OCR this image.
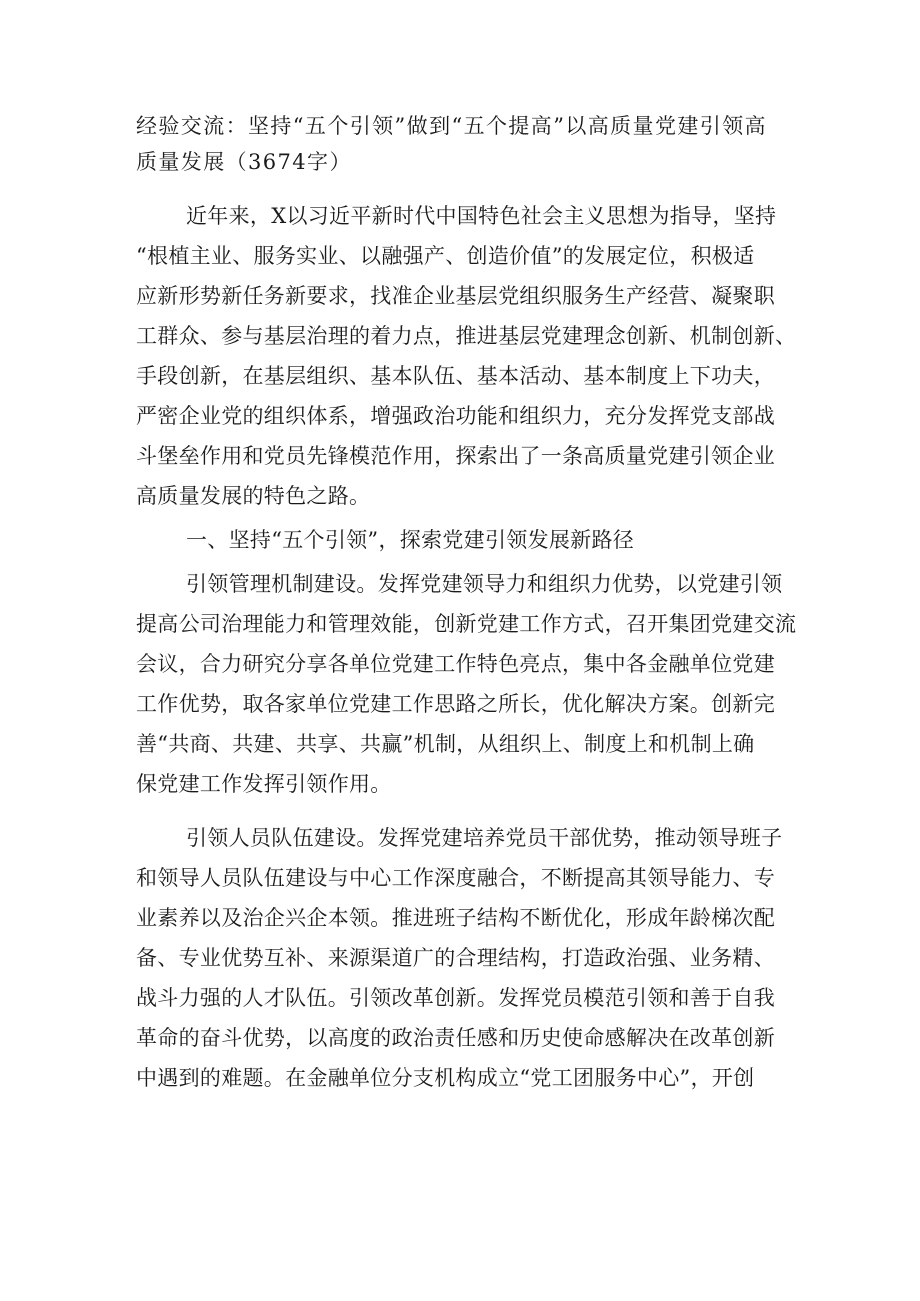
经验交流：坚持“五个引领”做到“五个提高”以高质量党建引领高
质量发展（3674字）
近年来，X以习近平新时代中国特色社会主义思想为指导，坚持
“根植主业、服务实业、以融强产、创造价值”的发展定位，积极适
应新形势新任务新要求，找准企业基层党组织服务生产经营、凝聚职
工群众、参与基层治理的着力点，推进基层党建理念创新、机制创新、
手段创新，在基层组织、基本队伍、基本活动、基本制度上下功夫，
严密企业党的组织体系，增强政治功能和组织力，充分发挥党支部战
斗堡垒作用和党员先锋模范作用，探索出了一条高质量党建引领企业
高质量发展的特色之路。
一、坚持“五个引领”，探索党建引领发展新路径
引领管理机制建设。发挥党建领导力和组织力优势，以党建引领
提高公司治理能力和管理效能，创新党建工作方式，召开集团党建交流
会议，合力研究分享各单位党建工作特色亮点，集中各金融单位党建
工作优势，取各家单位党建工作思路之所长，优化解决方案。创新完
善“共商、共建、共享、共赢”机制，从组织上、制度上和机制上确
保党建工作发挥引领作用。
引领人员队伍建设。发挥党建培养党员干部优势，推动领导班子
和领导人员队伍建设与中心工作深度融合，不断提高其领导能力、专
业素养以及治企兴企本领。推进班子结构不断优化，形成年龄梯次配
备、专业优势互补、来源渠道广的合理结构，打造政治强、业务精、
战斗力强的人才队伍。引领改革创新。发挥党员模范引领和善于自我
革命的奋斗优势，以高度的政治责任感和历史使命感解决在改革创新
中遇到的难题。在金融单位分支机构成立“党工团服务中心”，开创
